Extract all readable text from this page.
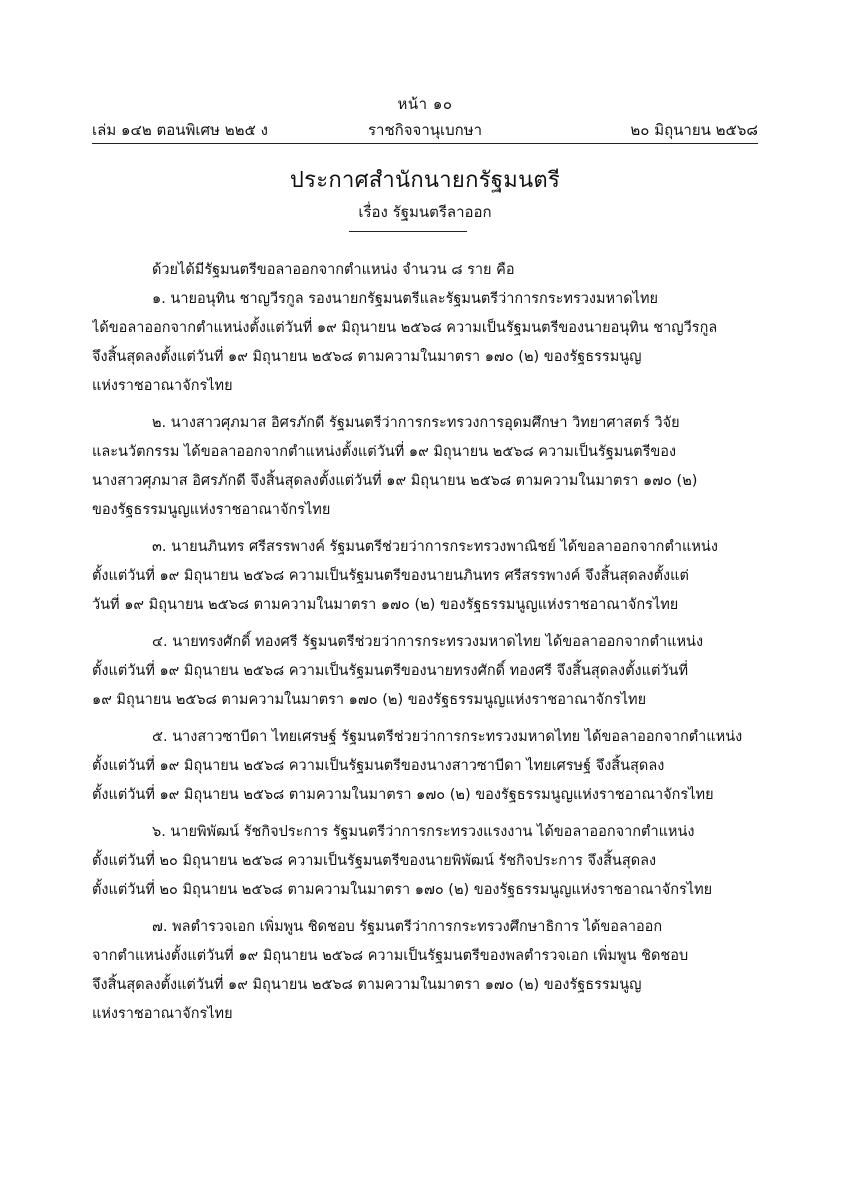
หน้า ๑๐
เล่ม ๑๔๒ ตอนพิเศษ ๒๒๕ ง	ราชกิจจานุเบกษา	๒๐ มิถุนายน ๒๕๖๘
ประกาศสำนักนายกรัฐมนตรี
เรื่อง รัฐมนตรีลาออก
ด้วยได้มีรัฐมนตรีขอลาออกจากตำแหน่ง จำนวน ๘ ราย คือ
๑. นายอนุทิน ชาญวีรกูล รองนายกรัฐมนตรีและรัฐมนตรีว่าการกระทรวงมหาดไทย
ได้ขอลาออกจากตำแหน่งตั้งแต่วันที่ ๑๙ มิถุนายน ๒๕๖๘ ความเป็นรัฐมนตรีของนายอนุทิน ชาญวีรกูล
จึงสิ้นสุดลงตั้งแต่วันที่ ๑๙ มิถุนายน ๒๕๖๘ ตามความในมาตรา ๑๗๐ (๒) ของรัฐธรรมนูญ
แห่งราชอาณาจักรไทย
๒. นางสาวศุภมาส อิศรภักดี รัฐมนตรีว่าการกระทรวงการอุดมศึกษา วิทยาศาสตร์ วิจัย
และนวัตกรรม ได้ขอลาออกจากตำแหน่งตั้งแต่วันที่ ๑๙ มิถุนายน ๒๕๖๘ ความเป็นรัฐมนตรีของ
นางสาวศุภมาส อิศรภักดี จึงสิ้นสุดลงตั้งแต่วันที่ ๑๙ มิถุนายน ๒๕๖๘ ตามความในมาตรา ๑๗๐ (๒)
ของรัฐธรรมนูญแห่งราชอาณาจักรไทย
๓. นายนภินทร ศรีสรรพางค์ รัฐมนตรีช่วยว่าการกระทรวงพาณิชย์ ได้ขอลาออกจากตำแหน่ง
ตั้งแต่วันที่ ๑๙ มิถุนายน ๒๕๖๘ ความเป็นรัฐมนตรีของนายนภินทร ศรีสรรพางค์ จึงสิ้นสุดลงตั้งแต่
วันที่ ๑๙ มิถุนายน ๒๕๖๘ ตามความในมาตรา ๑๗๐ (๒) ของรัฐธรรมนูญแห่งราชอาณาจักรไทย
๔. นายทรงศักดิ์ ทองศรี รัฐมนตรีช่วยว่าการกระทรวงมหาดไทย ได้ขอลาออกจากตำแหน่ง
ตั้งแต่วันที่ ๑๙ มิถุนายน ๒๕๖๘ ความเป็นรัฐมนตรีของนายทรงศักดิ์ ทองศรี จึงสิ้นสุดลงตั้งแต่วันที่
๑๙ มิถุนายน ๒๕๖๘ ตามความในมาตรา ๑๗๐ (๒) ของรัฐธรรมนูญแห่งราชอาณาจักรไทย
๕. นางสาวซาบีดา ไทยเศรษฐ์ รัฐมนตรีช่วยว่าการกระทรวงมหาดไทย ได้ขอลาออกจากตำแหน่ง
ตั้งแต่วันที่ ๑๙ มิถุนายน ๒๕๖๘ ความเป็นรัฐมนตรีของนางสาวซาบีดา ไทยเศรษฐ์ จึงสิ้นสุดลง
ตั้งแต่วันที่ ๑๙ มิถุนายน ๒๕๖๘ ตามความในมาตรา ๑๗๐ (๒) ของรัฐธรรมนูญแห่งราชอาณาจักรไทย
๖. นายพิพัฒน์ รัชกิจประการ รัฐมนตรีว่าการกระทรวงแรงงาน ได้ขอลาออกจากตำแหน่ง
ตั้งแต่วันที่ ๒๐ มิถุนายน ๒๕๖๘ ความเป็นรัฐมนตรีของนายพิพัฒน์ รัชกิจประการ จึงสิ้นสุดลง
ตั้งแต่วันที่ ๒๐ มิถุนายน ๒๕๖๘ ตามความในมาตรา ๑๗๐ (๒) ของรัฐธรรมนูญแห่งราชอาณาจักรไทย
๗. พลตำรวจเอก เพิ่มพูน ชิดชอบ รัฐมนตรีว่าการกระทรวงศึกษาธิการ ได้ขอลาออก
จากตำแหน่งตั้งแต่วันที่ ๑๙ มิถุนายน ๒๕๖๘ ความเป็นรัฐมนตรีของพลตำรวจเอก เพิ่มพูน ชิดชอบ
จึงสิ้นสุดลงตั้งแต่วันที่ ๑๙ มิถุนายน ๒๕๖๘ ตามความในมาตรา ๑๗๐ (๒) ของรัฐธรรมนูญ
แห่งราชอาณาจักรไทย
